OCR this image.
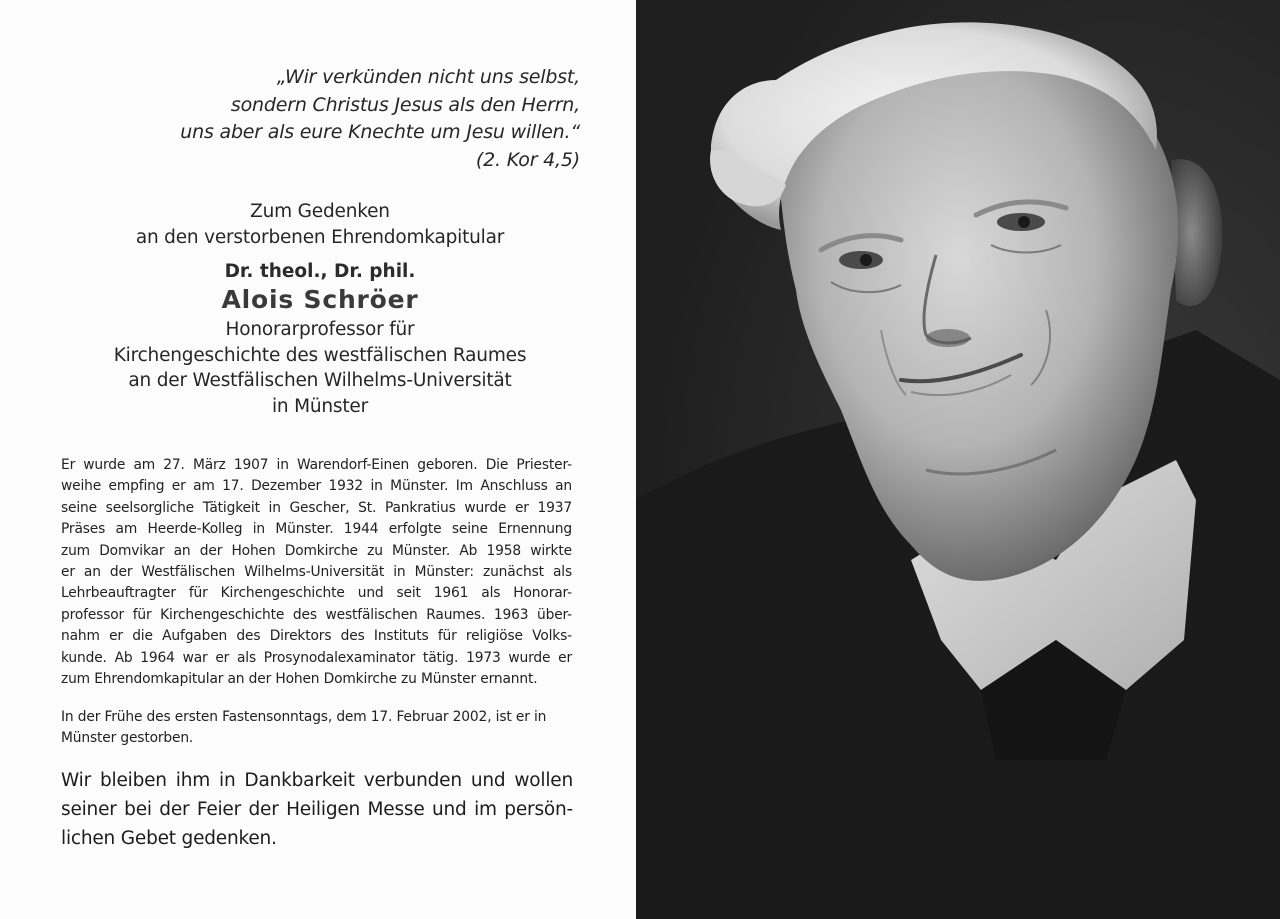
„Wir verkünden nicht uns selbst,
sondern Christus Jesus als den Herrn,
uns aber als eure Knechte um Jesu willen.“
(2. Kor 4,5)
Zum Gedenken
an den verstorbenen Ehrendomkapitular
Dr. theol., Dr. phil.
Alois Schröer
Honorarprofessor für
Kirchengeschichte des westfälischen Raumes
an der Westfälischen Wilhelms-Universität
in Münster
Er wurde am 27. März 1907 in Warendorf-Einen geboren. Die Priester-
weihe empfing er am 17. Dezember 1932 in Münster. Im Anschluss an
seine seelsorgliche Tätigkeit in Gescher, St. Pankratius wurde er 1937
Präses am Heerde-Kolleg in Münster. 1944 erfolgte seine Ernennung
zum Domvikar an der Hohen Domkirche zu Münster. Ab 1958 wirkte
er an der Westfälischen Wilhelms-Universität in Münster: zunächst als
Lehrbeauftragter für Kirchengeschichte und seit 1961 als Honorar-
professor für Kirchengeschichte des westfälischen Raumes. 1963 über-
nahm er die Aufgaben des Direktors des Instituts für religiöse Volks-
kunde. Ab 1964 war er als Prosynodalexaminator tätig. 1973 wurde er
zum Ehrendomkapitular an der Hohen Domkirche zu Münster ernannt.
In der Frühe des ersten Fastensonntags, dem 17. Februar 2002, ist er in
Münster gestorben.
Wir bleiben ihm in Dankbarkeit verbunden und wollen
seiner bei der Feier der Heiligen Messe und im persön-
lichen Gebet gedenken.
